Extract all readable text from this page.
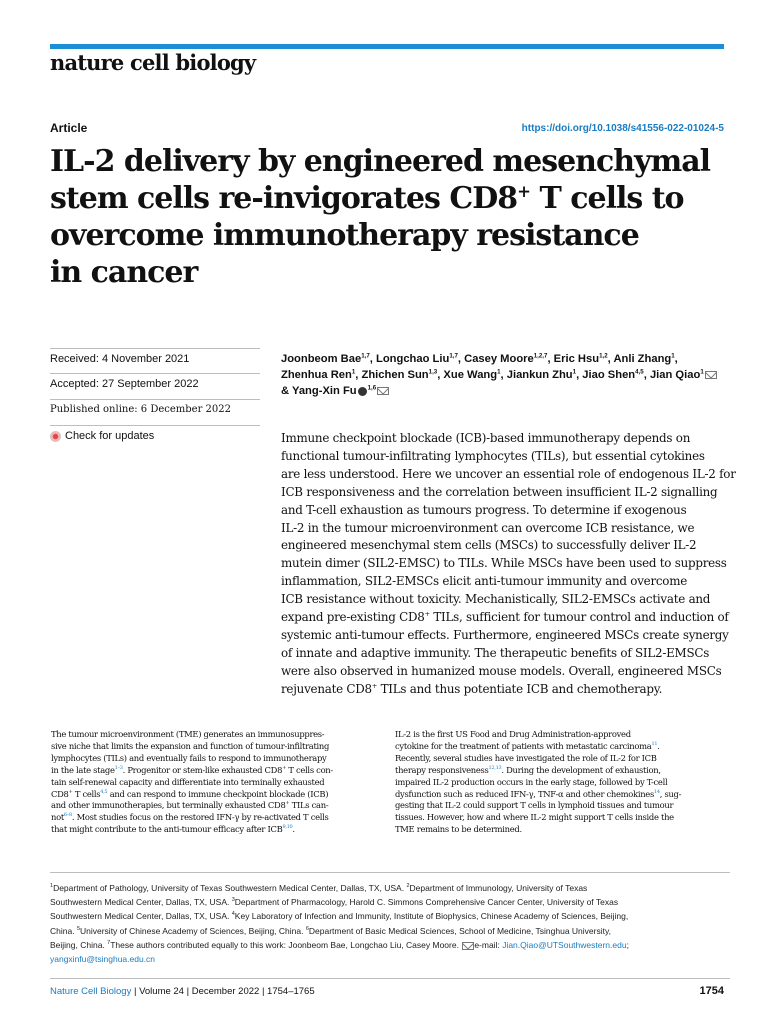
nature cell biology
Article	https://doi.org/10.1038/s41556-022-01024-5
IL-2 delivery by engineered mesenchymal
stem cells re-invigorates CD8+ T cells to
overcome immunotherapy resistance
in cancer
Received: 4 November 2021
Accepted: 27 September 2022
Published online: 6 December 2022
Check for updates
Joonbeom Bae$^{1,7}$, Longchao Liu$^{1,7}$, Casey Moore$^{1,2,7}$, Eric Hsu$^{1,2}$, Anli Zhang$^1$,
Zhenhua Ren$^1$, Zhichen Sun$^{1,3}$, Xue Wang$^1$, Jiankun Zhu$^1$, Jiao Shen$^{4,5}$, Jian Qiao$^1$
& Yang-Xin Fu $^{1,6}$

Immune checkpoint blockade (ICB)-based immunotherapy depends on
functional tumour-infiltrating lymphocytes (TILs), but essential cytokines
are less understood. Here we uncover an essential role of endogenous IL-2 for
ICB responsiveness and the correlation between insufficient IL-2 signalling
and T-cell exhaustion as tumours progress. To determine if exogenous
IL-2 in the tumour microenvironment can overcome ICB resistance, we
engineered mesenchymal stem cells (MSCs) to successfully deliver IL-2
mutein dimer (SIL2-EMSC) to TILs. While MSCs have been used to suppress
inflammation, SIL2-EMSCs elicit anti-tumour immunity and overcome
ICB resistance without toxicity. Mechanistically, SIL2-EMSCs activate and
expand pre-existing CD8+ TILs, sufficient for tumour control and induction of
systemic anti-tumour effects. Furthermore, engineered MSCs create synergy
of innate and adaptive immunity. The therapeutic benefits of SIL2-EMSCs
were also observed in humanized mouse models. Overall, engineered MSCs
rejuvenate CD8+ TILs and thus potentiate ICB and chemotherapy.

The tumour microenvironment (TME) generates an immunosuppres-
sive niche that limits the expansion and function of tumour-infiltrating
lymphocytes (TILs) and eventually fails to respond to immunotherapy
in the late stage$^{1-3}$. Progenitor or stem-like exhausted CD8+ T cells con-
tain self-renewal capacity and differentiate into terminally exhausted
CD8+ T cells$^{4,5}$ and can respond to immune checkpoint blockade (ICB)
and other immunotherapies, but terminally exhausted CD8+ TILs can-
not$^{6-8}$. Most studies focus on the restored IFN-γ by re-activated T cells
that might contribute to the anti-tumour efficacy after ICB$^{9,10}$.

IL-2 is the first US Food and Drug Administration-approved
cytokine for the treatment of patients with metastatic carcinoma$^{11}$.
Recently, several studies have investigated the role of IL-2 for ICB
therapy responsiveness$^{12,13}$. During the development of exhaustion,
impaired IL-2 production occurs in the early stage, followed by T-cell
dysfunction such as reduced IFN-γ, TNF-α and other chemokines$^{14}$, sug-
gesting that IL-2 could support T cells in lymphoid tissues and tumour
tissues. However, how and where IL-2 might support T cells inside the
TME remains to be determined.

$^1$Department of Pathology, University of Texas Southwestern Medical Center, Dallas, TX, USA. $^2$Department of Immunology, University of Texas
Southwestern Medical Center, Dallas, TX, USA. $^3$Department of Pharmacology, Harold C. Simmons Comprehensive Cancer Center, University of Texas
Southwestern Medical Center, Dallas, TX, USA. $^4$Key Laboratory of Infection and Immunity, Institute of Biophysics, Chinese Academy of Sciences, Beijing,
China. $^5$University of Chinese Academy of Sciences, Beijing, China. $^6$Department of Basic Medical Sciences, School of Medicine, Tsinghua University,
Beijing, China. $^7$These authors contributed equally to this work: Joonbeom Bae, Longchao Liu, Casey Moore. e-mail: Jian.Qiao@UTSouthwestern.edu;
yangxinfu@tsinghua.edu.cn
Nature Cell Biology | Volume 24 | December 2022 | 1754–1765	1754
